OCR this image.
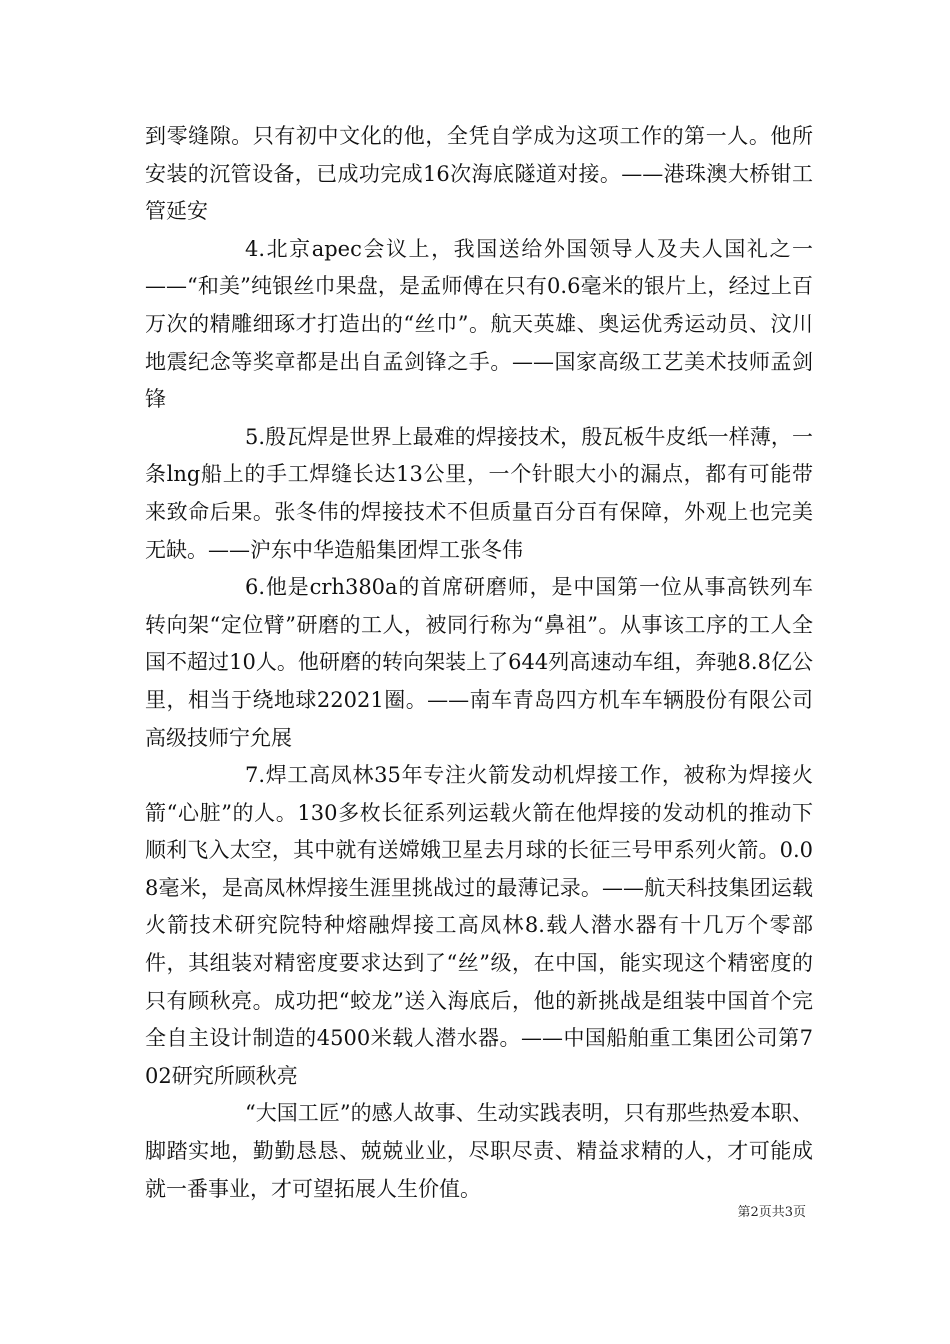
到零缝隙。只有初中文化的他，全凭自学成为这项工作的第一人。他所安装的沉管设备，已成功完成16次海底隧道对接。——港珠澳大桥钳工管延安

4.北京apec会议上，我国送给外国领导人及夫人国礼之一——“和美”纯银丝巾果盘，是孟师傅在只有0.6毫米的银片上，经过上百万次的精雕细琢才打造出的“丝巾”。航天英雄、奥运优秀运动员、汶川地震纪念等奖章都是出自孟剑锋之手。——国家高级工艺美术技师孟剑锋

5.殷瓦焊是世界上最难的焊接技术，殷瓦板牛皮纸一样薄，一条lng船上的手工焊缝长达13公里，一个针眼大小的漏点，都有可能带来致命后果。张冬伟的焊接技术不但质量百分百有保障，外观上也完美无缺。——沪东中华造船集团焊工张冬伟

6.他是crh380a的首席研磨师，是中国第一位从事高铁列车转向架“定位臂”研磨的工人，被同行称为“鼻祖”。从事该工序的工人全国不超过10人。他研磨的转向架装上了644列高速动车组，奔驰8.8亿公里，相当于绕地球22021圈。——南车青岛四方机车车辆股份有限公司高级技师宁允展

7.焊工高凤林35年专注火箭发动机焊接工作，被称为焊接火箭“心脏”的人。130多枚长征系列运载火箭在他焊接的发动机的推动下顺利飞入太空，其中就有送嫦娥卫星去月球的长征三号甲系列火箭。0.08毫米，是高凤林焊接生涯里挑战过的最薄记录。——航天科技集团运载火箭技术研究院特种熔融焊接工高凤林8.载人潜水器有十几万个零部件，其组装对精密度要求达到了“丝”级，在中国，能实现这个精密度的只有顾秋亮。成功把“蛟龙”送入海底后，他的新挑战是组装中国首个完全自主设计制造的4500米载人潜水器。——中国船舶重工集团公司第702研究所顾秋亮

“大国工匠”的感人故事、生动实践表明，只有那些热爱本职、脚踏实地，勤勤恳恳、兢兢业业，尽职尽责、精益求精的人，才可能成就一番事业，才可望拓展人生价值。

第2页共3页
